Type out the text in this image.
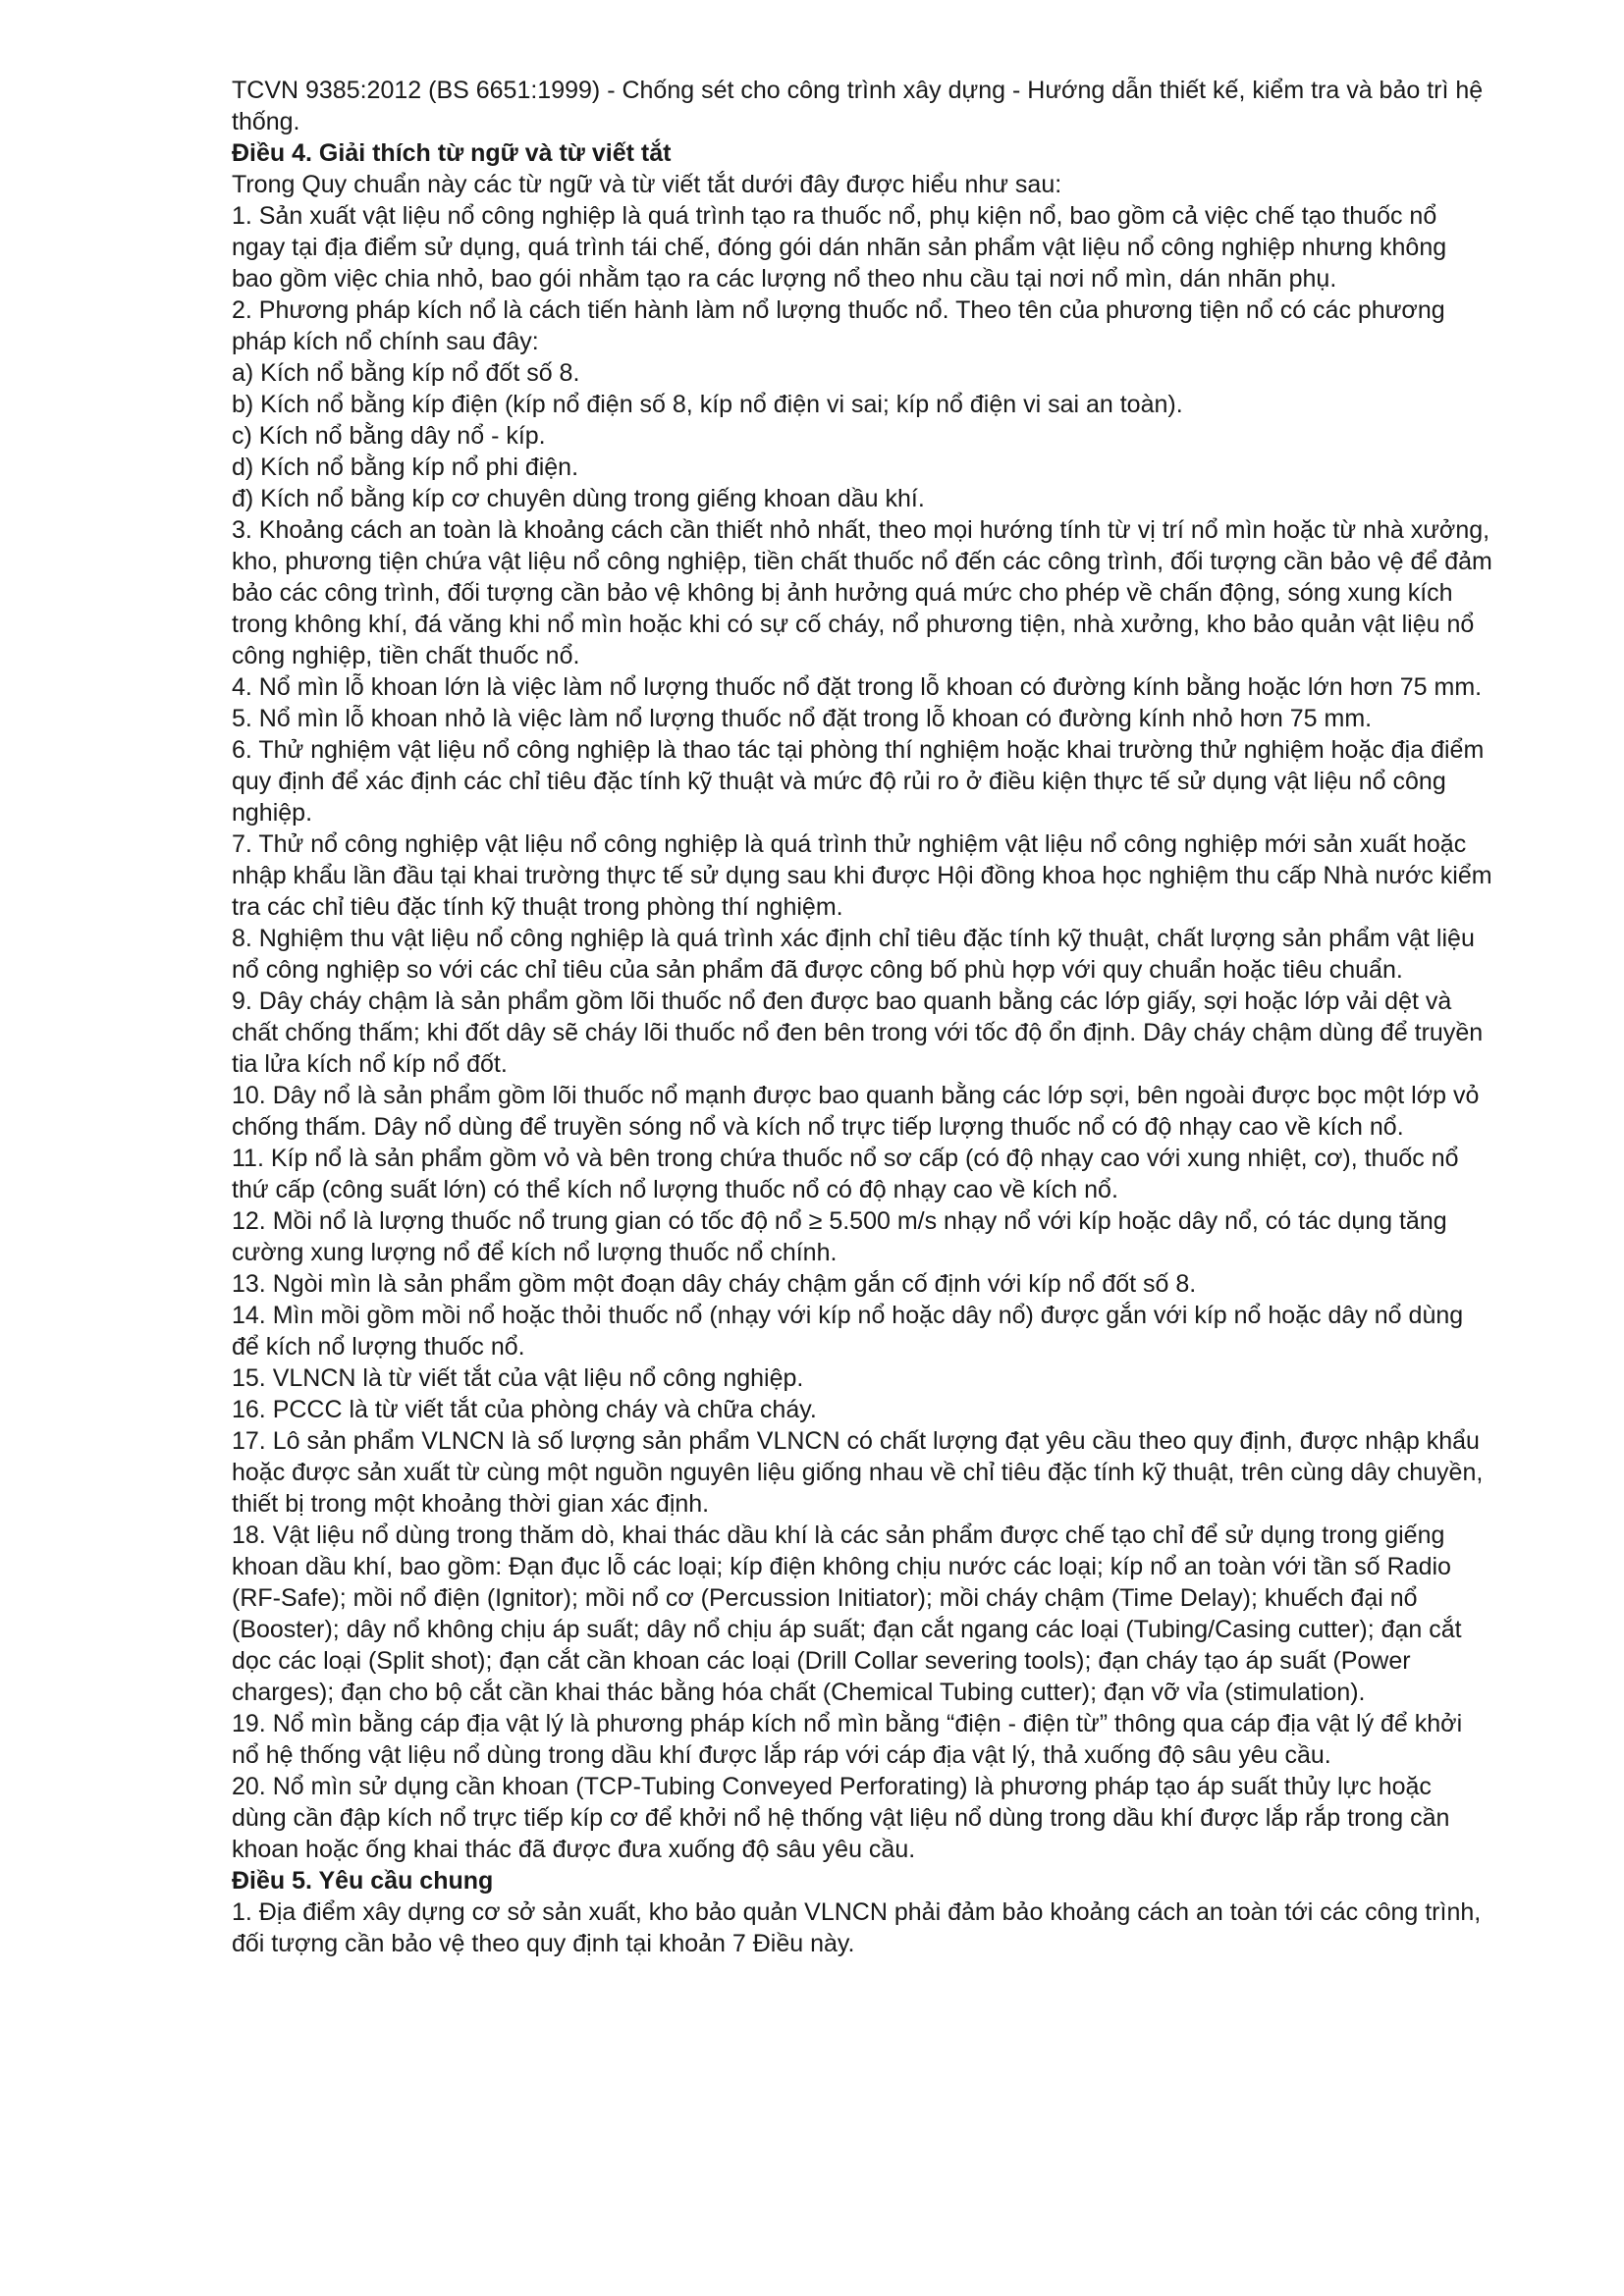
TCVN 9385:2012 (BS 6651:1999) - Chống sét cho công trình xây dựng - Hướng dẫn thiết kế, kiểm tra và bảo trì hệ thống.

Điều 4. Giải thích từ ngữ và từ viết tắt

Trong Quy chuẩn này các từ ngữ và từ viết tắt dưới đây được hiểu như sau:

1. Sản xuất vật liệu nổ công nghiệp là quá trình tạo ra thuốc nổ, phụ kiện nổ, bao gồm cả việc chế tạo thuốc nổ ngay tại địa điểm sử dụng, quá trình tái chế, đóng gói dán nhãn sản phẩm vật liệu nổ công nghiệp nhưng không bao gồm việc chia nhỏ, bao gói nhằm tạo ra các lượng nổ theo nhu cầu tại nơi nổ mìn, dán nhãn phụ.

2. Phương pháp kích nổ là cách tiến hành làm nổ lượng thuốc nổ. Theo tên của phương tiện nổ có các phương pháp kích nổ chính sau đây:

a) Kích nổ bằng kíp nổ đốt số 8.

b) Kích nổ bằng kíp điện (kíp nổ điện số 8, kíp nổ điện vi sai; kíp nổ điện vi sai an toàn).

c) Kích nổ bằng dây nổ - kíp.

d) Kích nổ bằng kíp nổ phi điện.

đ) Kích nổ bằng kíp cơ chuyên dùng trong giếng khoan dầu khí.

3. Khoảng cách an toàn là khoảng cách cần thiết nhỏ nhất, theo mọi hướng tính từ vị trí nổ mìn hoặc từ nhà xưởng, kho, phương tiện chứa vật liệu nổ công nghiệp, tiền chất thuốc nổ đến các công trình, đối tượng cần bảo vệ để đảm bảo các công trình, đối tượng cần bảo vệ không bị ảnh hưởng quá mức cho phép về chấn động, sóng xung kích trong không khí, đá văng khi nổ mìn hoặc khi có sự cố cháy, nổ phương tiện, nhà xưởng, kho bảo quản vật liệu nổ công nghiệp, tiền chất thuốc nổ.

4. Nổ mìn lỗ khoan lớn là việc làm nổ lượng thuốc nổ đặt trong lỗ khoan có đường kính bằng hoặc lớn hơn 75 mm.

5. Nổ mìn lỗ khoan nhỏ là việc làm nổ lượng thuốc nổ đặt trong lỗ khoan có đường kính nhỏ hơn 75 mm.

6. Thử nghiệm vật liệu nổ công nghiệp là thao tác tại phòng thí nghiệm hoặc khai trường thử nghiệm hoặc địa điểm quy định để xác định các chỉ tiêu đặc tính kỹ thuật và mức độ rủi ro ở điều kiện thực tế sử dụng vật liệu nổ công nghiệp.

7. Thử nổ công nghiệp vật liệu nổ công nghiệp là quá trình thử nghiệm vật liệu nổ công nghiệp mới sản xuất hoặc nhập khẩu lần đầu tại khai trường thực tế sử dụng sau khi được Hội đồng khoa học nghiệm thu cấp Nhà nước kiểm tra các chỉ tiêu đặc tính kỹ thuật trong phòng thí nghiệm.

8. Nghiệm thu vật liệu nổ công nghiệp là quá trình xác định chỉ tiêu đặc tính kỹ thuật, chất lượng sản phẩm vật liệu nổ công nghiệp so với các chỉ tiêu của sản phẩm đã được công bố phù hợp với quy chuẩn hoặc tiêu chuẩn.

9. Dây cháy chậm là sản phẩm gồm lõi thuốc nổ đen được bao quanh bằng các lớp giấy, sợi hoặc lớp vải dệt và chất chống thấm; khi đốt dây sẽ cháy lõi thuốc nổ đen bên trong với tốc độ ổn định. Dây cháy chậm dùng để truyền tia lửa kích nổ kíp nổ đốt.

10. Dây nổ là sản phẩm gồm lõi thuốc nổ mạnh được bao quanh bằng các lớp sợi, bên ngoài được bọc một lớp vỏ chống thấm. Dây nổ dùng để truyền sóng nổ và kích nổ trực tiếp lượng thuốc nổ có độ nhạy cao về kích nổ.

11. Kíp nổ là sản phẩm gồm vỏ và bên trong chứa thuốc nổ sơ cấp (có độ nhạy cao với xung nhiệt, cơ), thuốc nổ thứ cấp (công suất lớn) có thể kích nổ lượng thuốc nổ có độ nhạy cao về kích nổ.

12. Mồi nổ là lượng thuốc nổ trung gian có tốc độ nổ ≥ 5.500 m/s nhạy nổ với kíp hoặc dây nổ, có tác dụng tăng cường xung lượng nổ để kích nổ lượng thuốc nổ chính.

13. Ngòi mìn là sản phẩm gồm một đoạn dây cháy chậm gắn cố định với kíp nổ đốt số 8.

14. Mìn mồi gồm mồi nổ hoặc thỏi thuốc nổ (nhạy với kíp nổ hoặc dây nổ) được gắn với kíp nổ hoặc dây nổ dùng để kích nổ lượng thuốc nổ.

15. VLNCN là từ viết tắt của vật liệu nổ công nghiệp.

16. PCCC là từ viết tắt của phòng cháy và chữa cháy.

17. Lô sản phẩm VLNCN là số lượng sản phẩm VLNCN có chất lượng đạt yêu cầu theo quy định, được nhập khẩu hoặc được sản xuất từ cùng một nguồn nguyên liệu giống nhau về chỉ tiêu đặc tính kỹ thuật, trên cùng dây chuyền, thiết bị trong một khoảng thời gian xác định.

18. Vật liệu nổ dùng trong thăm dò, khai thác dầu khí là các sản phẩm được chế tạo chỉ để sử dụng trong giếng khoan dầu khí, bao gồm: Đạn đục lỗ các loại; kíp điện không chịu nước các loại; kíp nổ an toàn với tần số Radio (RF-Safe); mồi nổ điện (Ignitor); mồi nổ cơ (Percussion Initiator); mồi cháy chậm (Time Delay); khuếch đại nổ (Booster); dây nổ không chịu áp suất; dây nổ chịu áp suất; đạn cắt ngang các loại (Tubing/Casing cutter); đạn cắt dọc các loại (Split shot); đạn cắt cần khoan các loại (Drill Collar severing tools); đạn cháy tạo áp suất (Power charges); đạn cho bộ cắt cần khai thác bằng hóa chất (Chemical Tubing cutter); đạn vỡ vỉa (stimulation).

19. Nổ mìn bằng cáp địa vật lý là phương pháp kích nổ mìn bằng “điện - điện từ” thông qua cáp địa vật lý để khởi nổ hệ thống vật liệu nổ dùng trong dầu khí được lắp ráp với cáp địa vật lý, thả xuống độ sâu yêu cầu.

20. Nổ mìn sử dụng cần khoan (TCP-Tubing Conveyed Perforating) là phương pháp tạo áp suất thủy lực hoặc dùng cần đập kích nổ trực tiếp kíp cơ để khởi nổ hệ thống vật liệu nổ dùng trong dầu khí được lắp rắp trong cần khoan hoặc ống khai thác đã được đưa xuống độ sâu yêu cầu.

Điều 5. Yêu cầu chung

1. Địa điểm xây dựng cơ sở sản xuất, kho bảo quản VLNCN phải đảm bảo khoảng cách an toàn tới các công trình, đối tượng cần bảo vệ theo quy định tại khoản 7 Điều này.
